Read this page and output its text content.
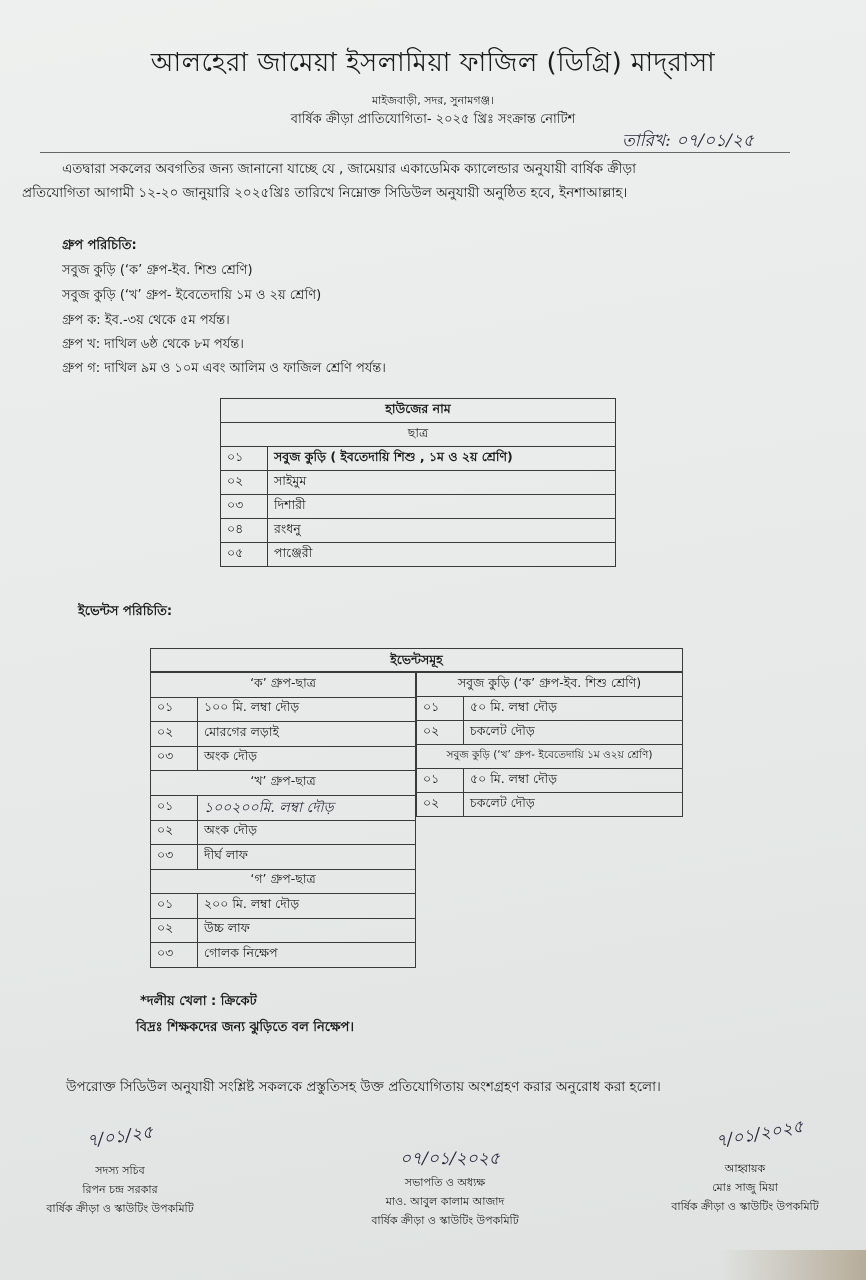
আলহেরা জামেয়া ইসলামিয়া ফাজিল (ডিগ্রি) মাদ্‌রাসা
মাইজবাড়ী, সদর, সুনামগঞ্জ।
বার্ষিক ক্রীড়া প্রাতিযোগিতা- ২০২৫ খ্রিঃ সংক্রান্ত নোটিশ
তারিখ: ০৭/০১/২৫
এতদ্বারা সকলের অবগতির জন্য জানানো যাচ্ছে যে , জামেয়ার একাডেমিক ক্যালেন্ডার অনুযায়ী বার্ষিক ক্রীড়া
প্রতিযোগিতা আগামী ১২-২০ জানুয়ারি ২০২৫খ্রিঃ তারিখে নিম্নোক্ত সিডিউল অনুযায়ী অনুষ্ঠিত হবে, ইনশাআল্লাহ।
গ্রুপ পরিচিতি:
সবুজ কুড়ি (‘ক’ গ্রুপ-ইব. শিশু শ্রেণি)
সবুজ কুড়ি (‘খ’ গ্রুপ- ইবেতেদায়ি ১ম ও ২য় শ্রেণি)
গ্রুপ ক: ইব.-৩য় থেকে ৫ম পর্যন্ত।
গ্রুপ খ: দাখিল ৬ষ্ঠ থেকে ৮ম পর্যন্ত।
গ্রুপ গ: দাখিল ৯ম ও ১০ম এবং আলিম ও ফাজিল শ্রেণি পর্যন্ত।
হাউজের নাম	
ছাত্র	
০১	সবুজ কুড়ি ( ইবতেদায়ি শিশু , ১ম ও ২য় শ্রেণি)
০২	সাইমুম
০৩	দিশারী
০৪	রংধনু
০৫	পাঞ্জেরী
ইভেন্টস পরিচিতি:
ইভেন্টসমূহ
‘ক’ গ্রুপ-ছাত্র	
০১	১০০ মি. লম্বা দৌড়
০২	মোরগের লড়াই
০৩	অংক দৌড়
‘খ’ গ্রুপ-ছাত্র	
০১	১০০২০০মি. লম্বা দৌড়
০২	অংক দৌড়
০৩	দীর্ঘ লাফ
‘গ’ গ্রুপ-ছাত্র	
০১	২০০ মি. লম্বা দৌড়
০২	উচ্চ লাফ
০৩	গোলক নিক্ষেপ
সবুজ কুড়ি (‘ক’ গ্রুপ-ইব. শিশু শ্রেণি)	
০১	৫০ মি. লম্বা দৌড়
০২	চকলেট দৌড়
সবুজ কুড়ি (‘খ’ গ্রুপ- ইবেতেদায়ি ১ম ও২য় শ্রেণি)	
০১	৫০ মি. লম্বা দৌড়
০২	চকলেট দৌড়
*দলীয় খেলা : ক্রিকেট
বিদ্রঃ শিক্ষকদের জন্য ঝুড়িতে বল নিক্ষেপ।
উপরোক্ত সিডিউল অনুযায়ী সংশ্লিষ্ট সকলকে প্রস্তুতিসহ উক্ত প্রতিযোগিতায় অংশগ্রহণ করার অনুরোধ করা হলো।
৭/০১/২৫
সদস্য সচিব
রিপন চন্দ্র সরকার
বার্ষিক ক্রীড়া ও স্কাউটিং উপকমিটি
০৭/০১/২০২৫
সভাপতি ও অধ্যক্ষ
মাও. আবুল কালাম আজাদ
বার্ষিক ক্রীড়া ও স্কাউটিং উপকমিটি
৭/০১/২০২৫
আহ্বায়ক
মোঃ সাজু মিয়া
বার্ষিক ক্রীড়া ও স্কাউটিং উপকমিটি
